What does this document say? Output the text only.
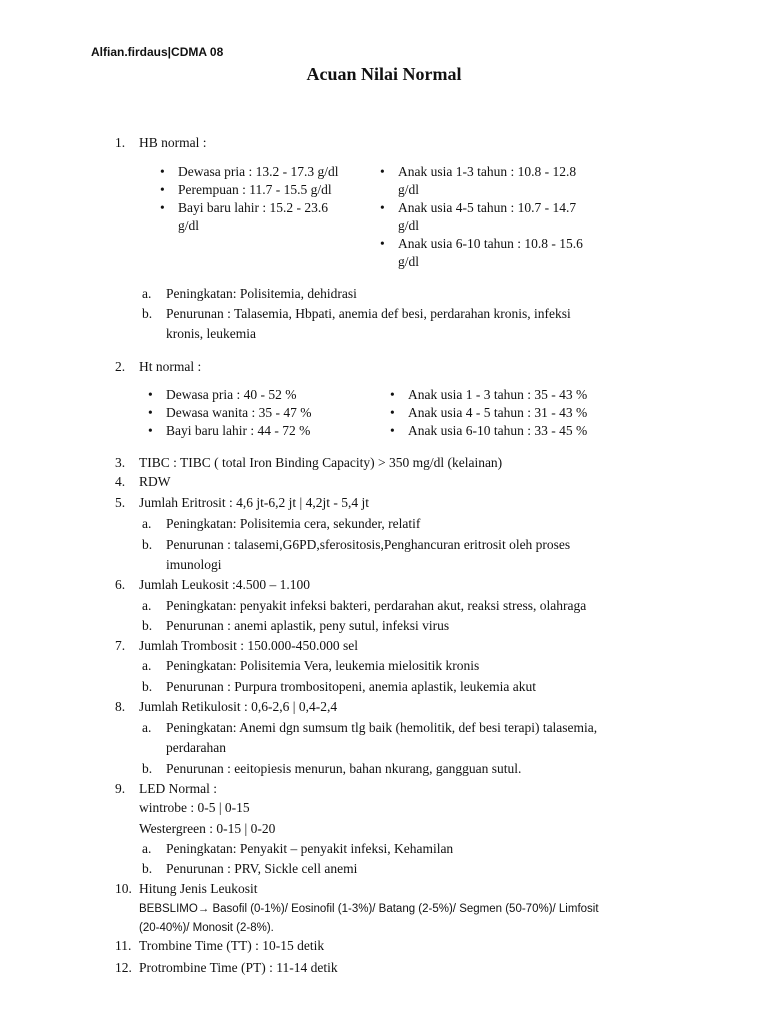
Alfian.firdaus|CDMA 08
Acuan Nilai Normal
1.	HB normal :
• Dewasa pria : 13.2 - 17.3 g/dl
• Perempuan : 11.7 - 15.5 g/dl
• Bayi baru lahir : 15.2 - 23.6
g/dl
• Anak usia 1-3 tahun : 10.8 - 12.8
g/dl
• Anak usia 4-5 tahun : 10.7 - 14.7
g/dl
• Anak usia 6-10 tahun : 10.8 - 15.6
g/dl
a. Peningkatan: Polisitemia, dehidrasi
b. Penurunan : Talasemia, Hbpati, anemia def besi, perdarahan kronis, infeksi
kronis, leukemia
2.	Ht normal :
• Dewasa pria : 40 - 52 %
• Dewasa wanita : 35 - 47 %
• Bayi baru lahir : 44 - 72 %
• Anak usia 1 - 3 tahun : 35 - 43 %
• Anak usia 4 - 5 tahun : 31 - 43 %
• Anak usia 6-10 tahun : 33 - 45 %
3.	TIBC : TIBC ( total Iron Binding Capacity) > 350 mg/dl (kelainan)
4.	RDW
5.	Jumlah Eritrosit : 4,6 jt-6,2 jt | 4,2jt - 5,4 jt
a. Peningkatan: Polisitemia cera, sekunder, relatif
b. Penurunan : talasemi,G6PD,sferositosis,Penghancuran eritrosit oleh proses
imunologi
6.	Jumlah Leukosit :4.500 – 1.100
a. Peningkatan: penyakit infeksi bakteri, perdarahan akut, reaksi stress, olahraga
b. Penurunan : anemi aplastik, peny sutul, infeksi virus
7.	Jumlah Trombosit : 150.000-450.000 sel
a. Peningkatan: Polisitemia Vera, leukemia mielositik kronis
b. Penurunan : Purpura trombositopeni, anemia aplastik, leukemia akut
8.	Jumlah Retikulosit : 0,6-2,6 | 0,4-2,4
a. Peningkatan: Anemi dgn sumsum tlg baik (hemolitik, def besi terapi) talasemia,
perdarahan
b. Penurunan : eeitopiesis menurun, bahan nkurang, gangguan sutul.
9.	LED Normal :
wintrobe : 0-5 | 0-15
Westergreen : 0-15 | 0-20
a. Peningkatan: Penyakit – penyakit infeksi, Kehamilan
b. Penurunan : PRV, Sickle cell anemi
10. Hitung Jenis Leukosit
BEBSLIMO→ Basofil (0-1%)/ Eosinofil (1-3%)/ Batang (2-5%)/ Segmen (50-70%)/ Limfosit
(20-40%)/ Monosit (2-8%).
11. Trombine Time (TT) : 10-15 detik
12. Protrombine Time (PT) : 11-14 detik
